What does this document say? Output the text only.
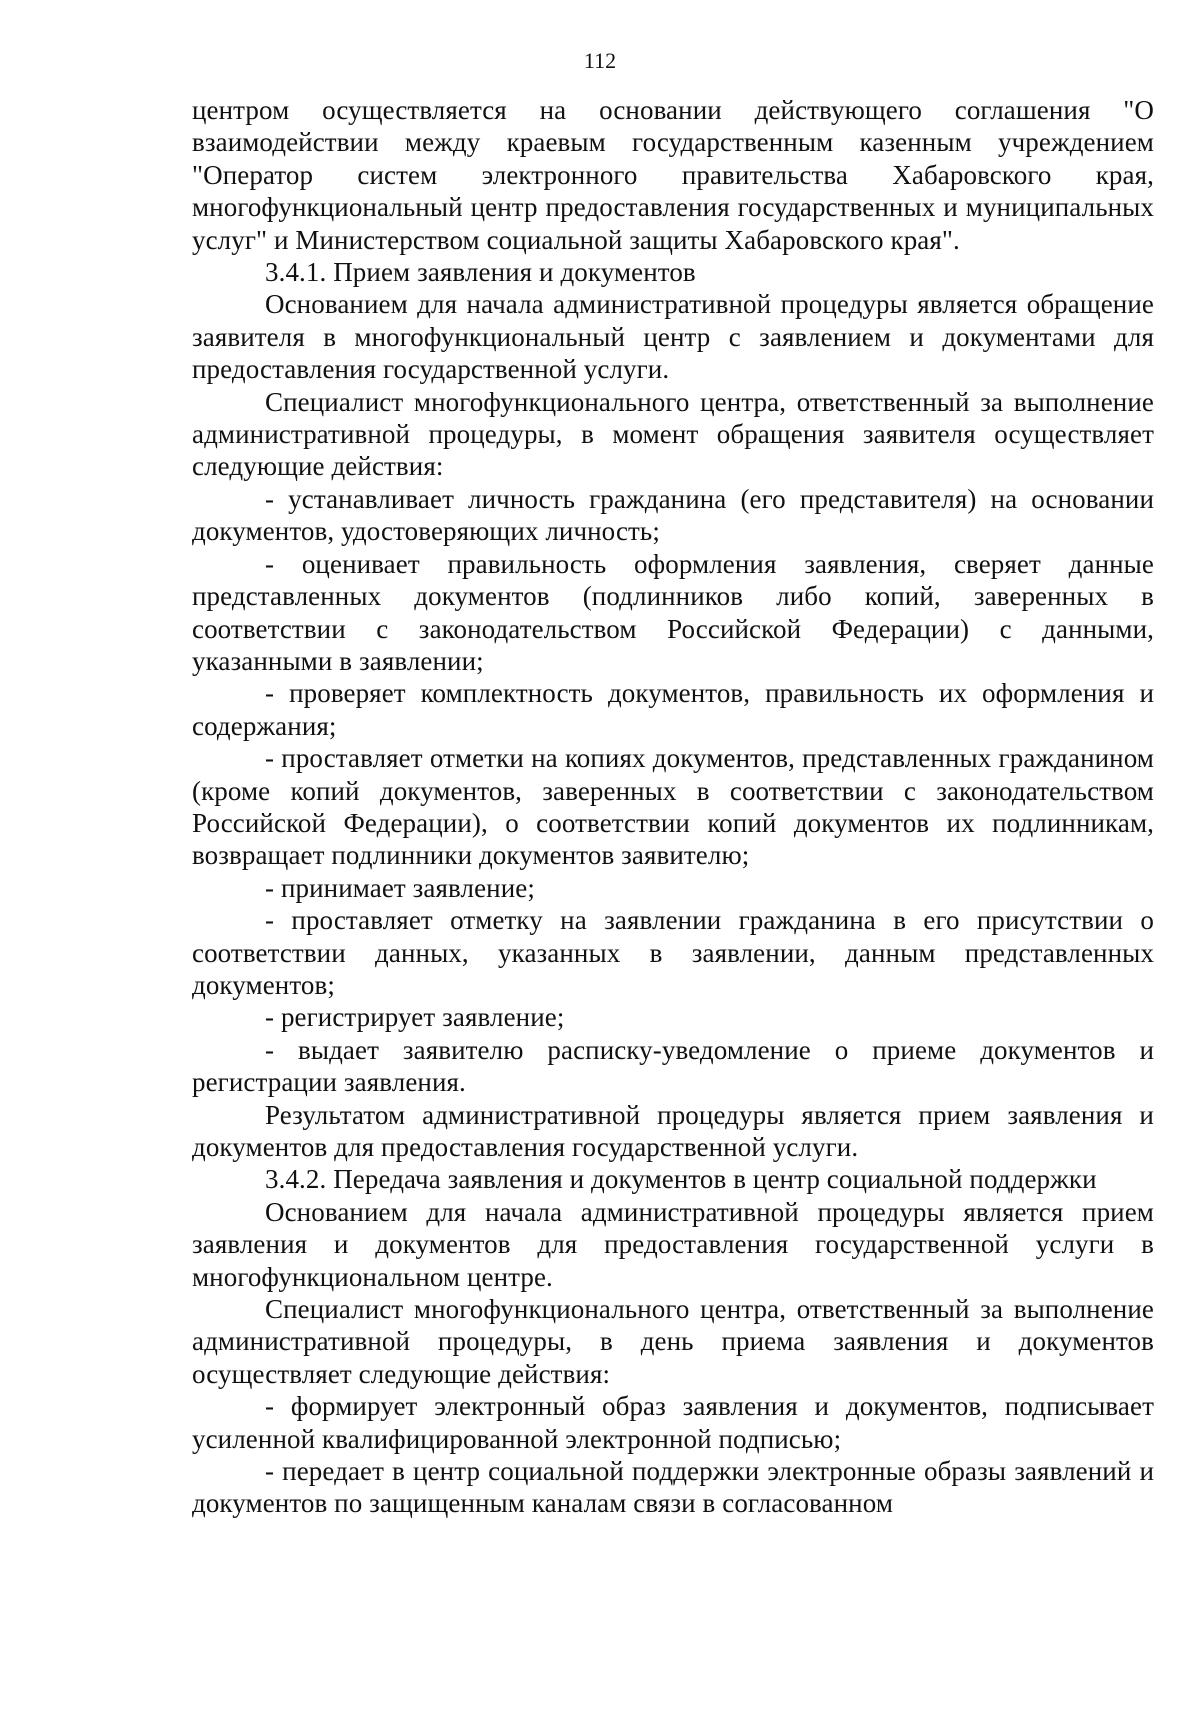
112

центром осуществляется на основании действующего соглашения "О взаимодействии между краевым государственным казенным учреждением "Оператор систем электронного правительства Хабаровского края, многофункциональный центр предоставления государственных и муниципальных услуг" и Министерством социальной защиты Хабаровского края".

3.4.1. Прием заявления и документов

Основанием для начала административной процедуры является обращение заявителя в многофункциональный центр с заявлением и документами для предоставления государственной услуги.

Специалист многофункционального центра, ответственный за выполнение административной процедуры, в момент обращения заявителя осуществляет следующие действия:

- устанавливает личность гражданина (его представителя) на основании документов, удостоверяющих личность;

- оценивает правильность оформления заявления, сверяет данные представленных документов (подлинников либо копий, заверенных в соответствии с законодательством Российской Федерации) с данными, указанными в заявлении;

- проверяет комплектность документов, правильность их оформления и содержания;

- проставляет отметки на копиях документов, представленных гражданином (кроме копий документов, заверенных в соответствии с законодательством Российской Федерации), о соответствии копий документов их подлинникам, возвращает подлинники документов заявителю;

- принимает заявление;

- проставляет отметку на заявлении гражданина в его присутствии о соответствии данных, указанных в заявлении, данным представленных документов;

- регистрирует заявление;

- выдает заявителю расписку-уведомление о приеме документов и регистрации заявления.

Результатом административной процедуры является прием заявления и документов для предоставления государственной услуги.

3.4.2. Передача заявления и документов в центр социальной поддержки

Основанием для начала административной процедуры является прием заявления и документов для предоставления государственной услуги в многофункциональном центре.

Специалист многофункционального центра, ответственный за выполнение административной процедуры, в день приема заявления и документов осуществляет следующие действия:

- формирует электронный образ заявления и документов, подписывает усиленной квалифицированной электронной подписью;

- передает в центр социальной поддержки электронные образы заявлений и документов по защищенным каналам связи в согласованном
